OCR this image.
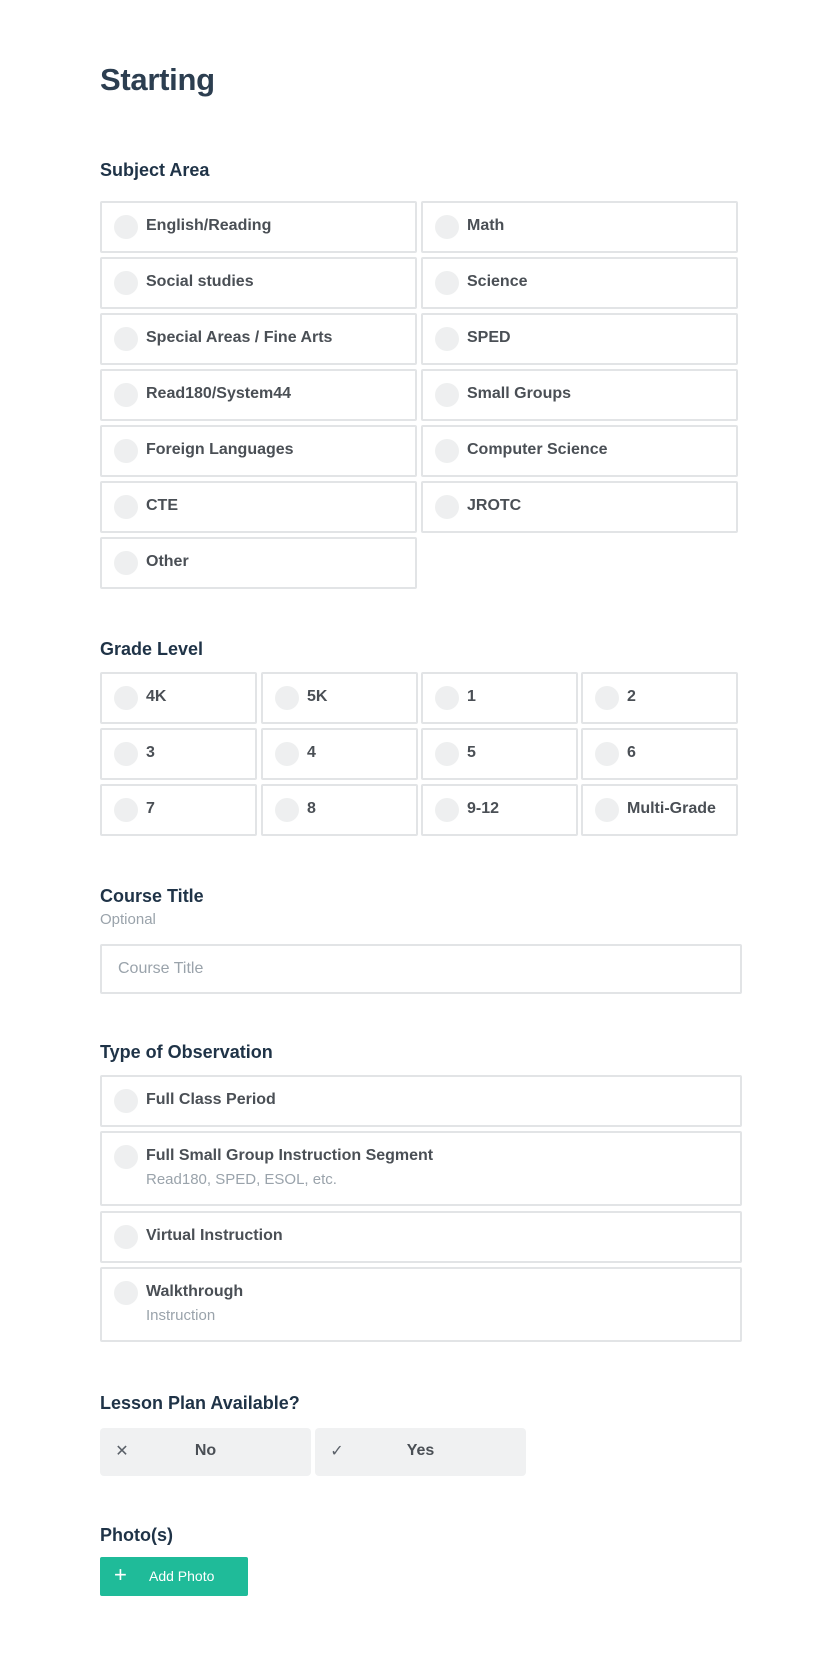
Starting
Subject Area
English/Reading	Math
Social studies	Science
Special Areas / Fine Arts	SPED
Read180/System44	Small Groups
Foreign Languages	Computer Science
CTE	JROTC
Other
Grade Level
4K	5K	1	2
3	4	5	6
7	8	9-12	Multi-Grade
Course Title
Optional
Course Title
Type of Observation
Full Class Period
Full Small Group Instruction Segment
Read180, SPED, ESOL, etc.
Virtual Instruction
Walkthrough
Instruction
Lesson Plan Available?
✕	No	✓	Yes
Photo(s)
+ Add Photo
